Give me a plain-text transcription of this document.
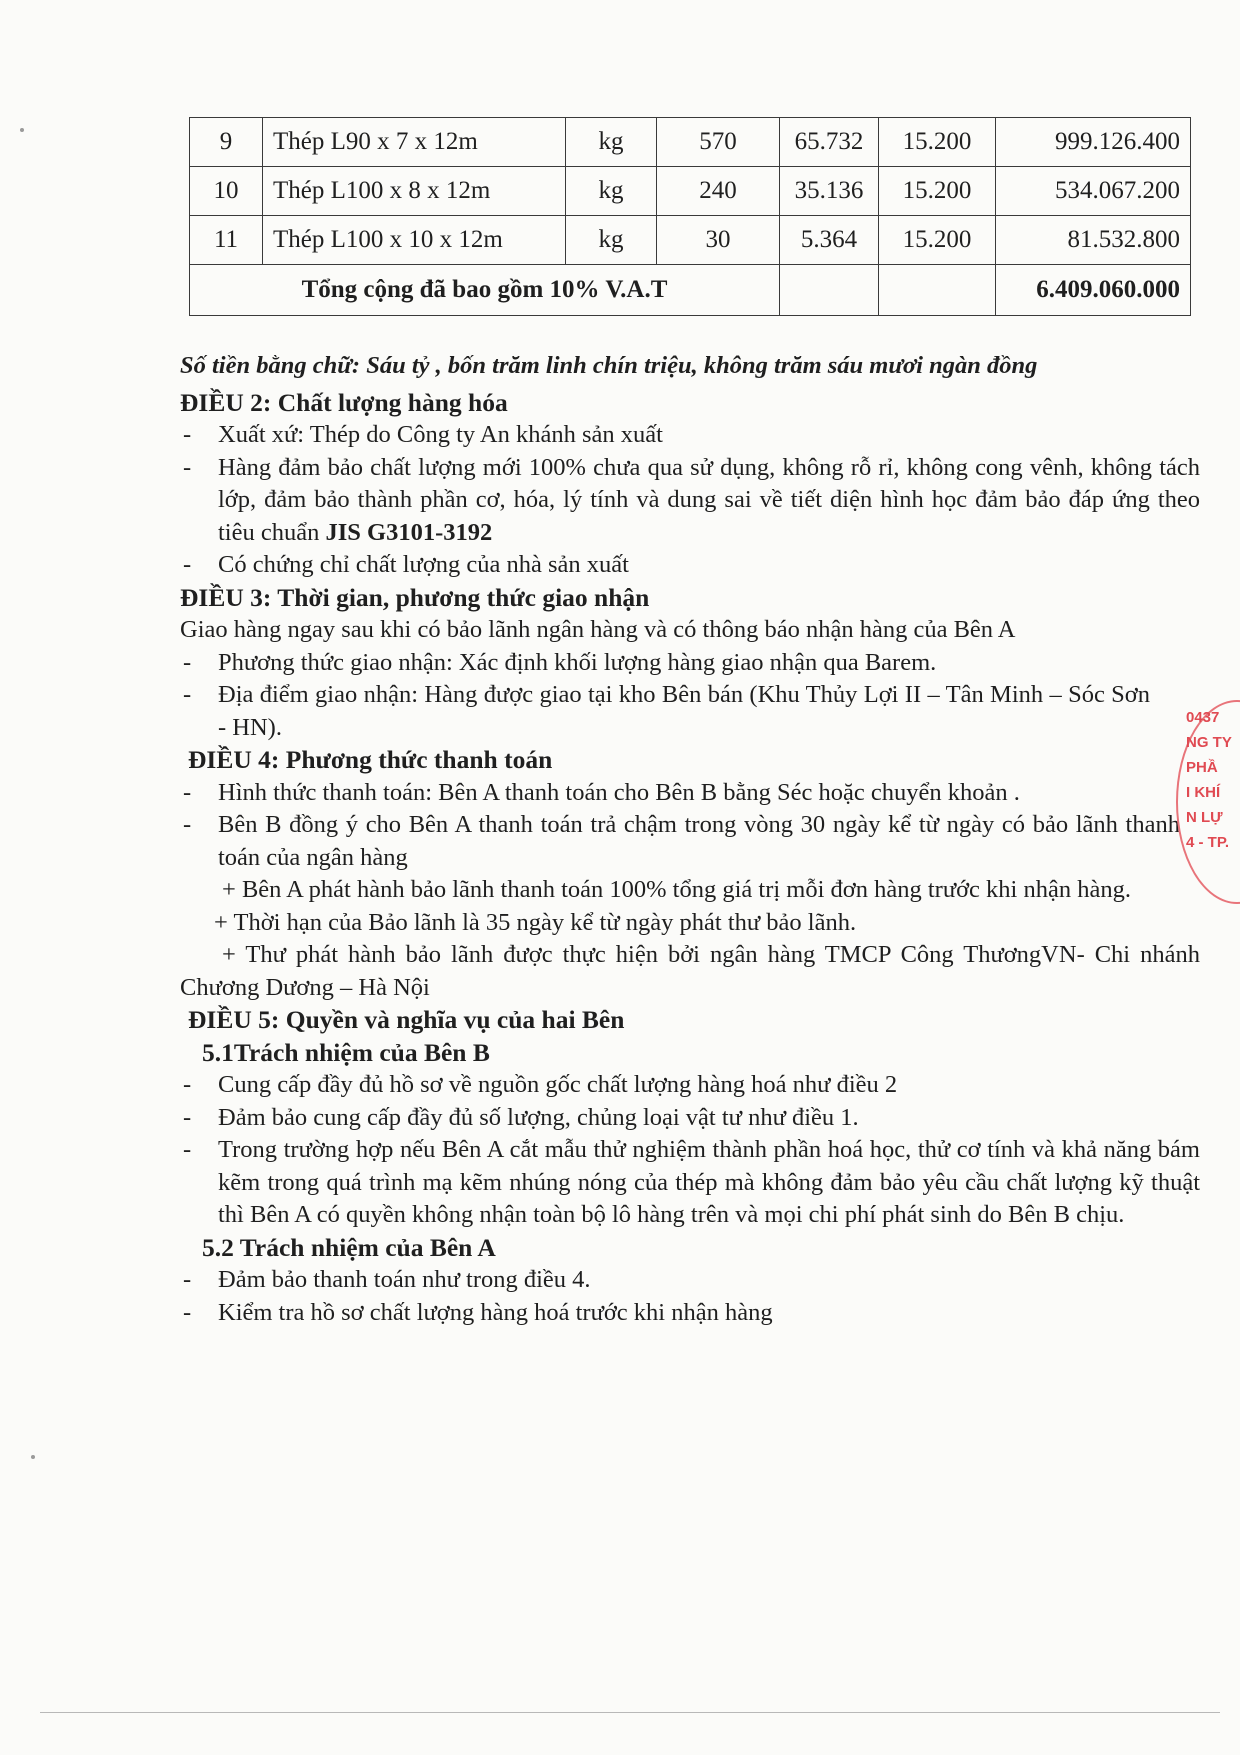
9	Thép L90 x 7 x 12m	kg	570	65.732	15.200	999.126.400
10	Thép L100 x 8 x 12m	kg	240	35.136	15.200	534.067.200
11	Thép L100 x 10 x 12m	kg	30	5.364	15.200	81.532.800
Tổng cộng đã bao gồm 10% V.A.T						6.409.060.000

Số tiền bằng chữ: Sáu tỷ , bốn trăm linh chín triệu, không trăm sáu mươi ngàn đồng

ĐIỀU 2: Chất lượng hàng hóa

- Xuất xứ: Thép do Công ty An khánh sản xuất

- Hàng đảm bảo chất lượng mới 100% chưa qua sử dụng, không rỗ rỉ, không cong vênh, không tách lớp, đảm bảo thành phần cơ, hóa, lý tính và dung sai về tiết diện hình học đảm bảo đáp ứng theo tiêu chuẩn JIS G3101-3192

- Có chứng chỉ chất lượng của nhà sản xuất

ĐIỀU 3: Thời gian, phương thức giao nhận

Giao hàng ngay sau khi có bảo lãnh ngân hàng và có thông báo nhận hàng của Bên A

- Phương thức giao nhận: Xác định khối lượng hàng giao nhận qua Barem.

- Địa điểm giao nhận: Hàng được giao tại kho Bên bán (Khu Thủy Lợi II – Tân Minh – Sóc Sơn - HN).

ĐIỀU 4: Phương thức thanh toán

- Hình thức thanh toán: Bên A thanh toán cho Bên B bằng Séc hoặc chuyển khoản .

- Bên B đồng ý cho Bên A thanh toán trả chậm trong vòng 30 ngày kể từ ngày có bảo lãnh thanh toán của ngân hàng

+ Bên A phát hành bảo lãnh thanh toán 100% tổng giá trị mỗi đơn hàng trước khi nhận hàng.

+ Thời hạn của Bảo lãnh là 35 ngày kể từ ngày phát thư bảo lãnh.

+ Thư phát hành bảo lãnh được thực hiện bởi ngân hàng TMCP Công ThươngVN- Chi nhánh Chương Dương – Hà Nội

ĐIỀU 5: Quyền và nghĩa vụ của hai Bên

5.1Trách nhiệm của Bên B

- Cung cấp đầy đủ hồ sơ về nguồn gốc chất lượng hàng hoá như điều 2

- Đảm bảo cung cấp đầy đủ số lượng, chủng loại vật tư như điều 1.

- Trong trường hợp nếu Bên A cắt mẫu thử nghiệm thành phần hoá học, thử cơ tính và khả năng bám kẽm trong quá trình mạ kẽm nhúng nóng của thép mà không đảm bảo yêu cầu chất lượng kỹ thuật thì Bên A có quyền không nhận toàn bộ lô hàng trên và mọi chi phí phát sinh do Bên B chịu.

5.2 Trách nhiệm của Bên A

- Đảm bảo thanh toán như trong điều 4.

- Kiểm tra hồ sơ chất lượng hàng hoá trước khi nhận hàng

0437
NG TY
PHẦ
I KHÍ
N LỰ
4 - TP.
